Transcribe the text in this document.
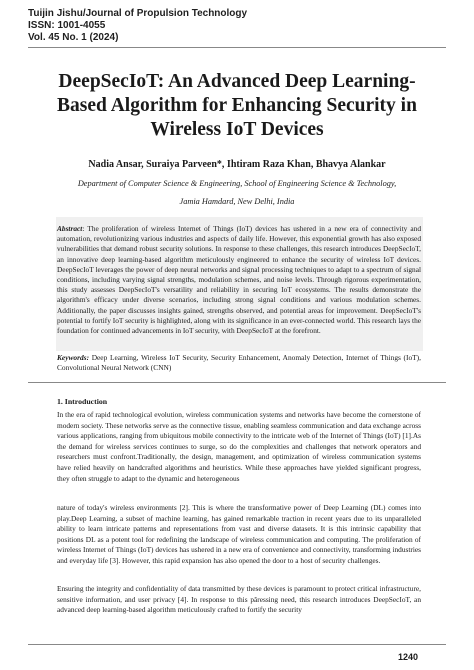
Tuijin Jishu/Journal of Propulsion Technology
ISSN: 1001-4055
Vol. 45 No. 1 (2024)
DeepSecIoT: An Advanced Deep Learning-
Based Algorithm for Enhancing Security in
Wireless IoT Devices
Nadia Ansar, Suraiya Parveen*, Ihtiram Raza Khan, Bhavya Alankar
Department of Computer Science & Engineering, School of Engineering Science & Technology,
Jamia Hamdard, New Delhi, India
Abstract: The proliferation of wireless Internet of Things (IoT) devices has ushered in a new era of connectivity and automation, revolutionizing various industries and aspects of daily life. However, this exponential growth has also exposed vulnerabilities that demand robust security solutions. In response to these challenges, this research introduces DeepSecIoT, an innovative deep learning-based algorithm meticulously engineered to enhance the security of wireless IoT devices. DeepSecIoT leverages the power of deep neural networks and signal processing techniques to adapt to a spectrum of signal conditions, including varying signal strengths, modulation schemes, and noise levels. Through rigorous experimentation, this study assesses DeepSecIoT's versatility and reliability in securing IoT ecosystems. The results demonstrate the algorithm's efficacy under diverse scenarios, including strong signal conditions and various modulation schemes. Additionally, the paper discusses insights gained, strengths observed, and potential areas for improvement. DeepSecIoT's potential to fortify IoT security is highlighted, along with its significance in an ever-connected world. This research lays the foundation for continued advancements in IoT security, with DeepSecIoT at the forefront.
Keywords: Deep Learning, Wireless IoT Security, Security Enhancement, Anomaly Detection, Internet of Things (IoT), Convolutional Neural Network (CNN)
1. Introduction
In the era of rapid technological evolution, wireless communication systems and networks have become the cornerstone of modern society. These networks serve as the connective tissue, enabling seamless communication and data exchange across various applications, ranging from ubiquitous mobile connectivity to the intricate web of the Internet of Things (IoT) [1].As the demand for wireless services continues to surge, so do the complexities and challenges that network operators and researchers must confront.Traditionally, the design, management, and optimization of wireless communication systems have relied heavily on handcrafted algorithms and heuristics. While these approaches have yielded significant progress, they often struggle to adapt to the dynamic and heterogeneous
nature of today's wireless environments [2]. This is where the transformative power of Deep Learning (DL) comes into play.Deep Learning, a subset of machine learning, has gained remarkable traction in recent years due to its unparalleled ability to learn intricate patterns and representations from vast and diverse datasets. It is this intrinsic capability that positions DL as a potent tool for redefining the landscape of wireless communication and computing. The proliferation of wireless Internet of Things (IoT) devices has ushered in a new era of convenience and connectivity, transforming industries and everyday life [3]. However, this rapid expansion has also opened the door to a host of security challenges.
Ensuring the integrity and confidentiality of data transmitted by these devices is paramount to protect critical infrastructure, sensitive information, and user privacy [4]. In response to this pãressing need, this research introduces DeepSecIoT, an advanced deep learning-based algorithm meticulously crafted to fortify the security
1240
